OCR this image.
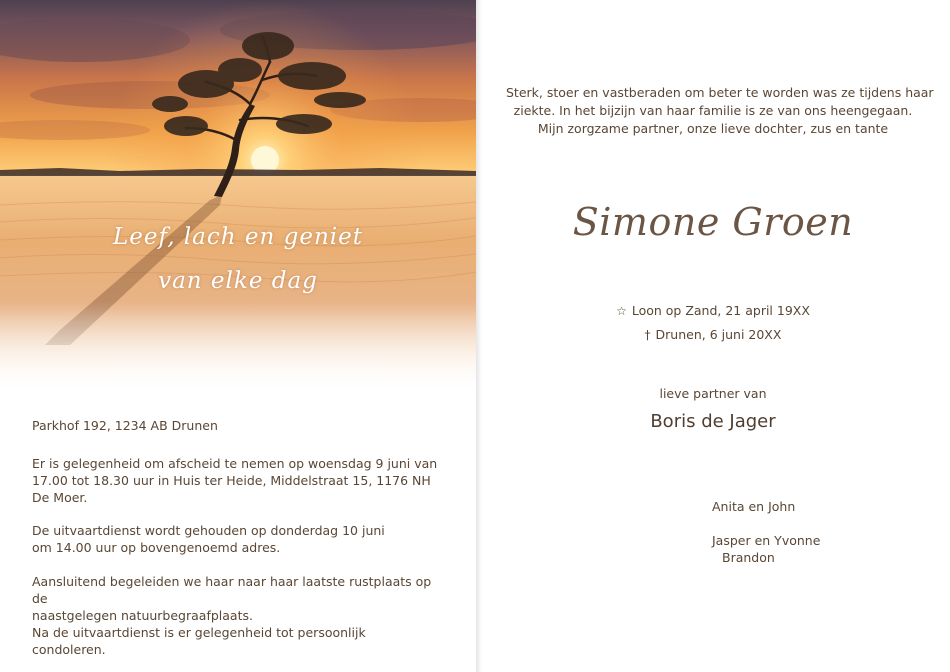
Leef, lach en geniet
van elke dag

Parkhof 192, 1234 AB Drunen

Er is gelegenheid om afscheid te nemen op woensdag 9 juni van

17.00 tot 18.30 uur in Huis ter Heide, Middelstraat 15, 1176 NH

De Moer.

De uitvaartdienst wordt gehouden op donderdag 10 juni

om 14.00 uur op bovengenoemd adres.

Aansluitend begeleiden we haar naar haar laatste rustplaats op de

naastgelegen natuurbegraafplaats.

Na de uitvaartdienst is er gelegenheid tot persoonlijk condoleren.

Sterk, stoer en vastberaden om beter te worden was ze tijdens haar
ziekte. In het bijzijn van haar familie is ze van ons heengegaan.
Mijn zorgzame partner, onze lieve dochter, zus en tante
Simone Groen
☆ Loon op Zand, 21 april 19XX
† Drunen, 6 juni 20XX
lieve partner van
Boris de Jager
Anita en John
Jasper en Yvonne
Brandon
